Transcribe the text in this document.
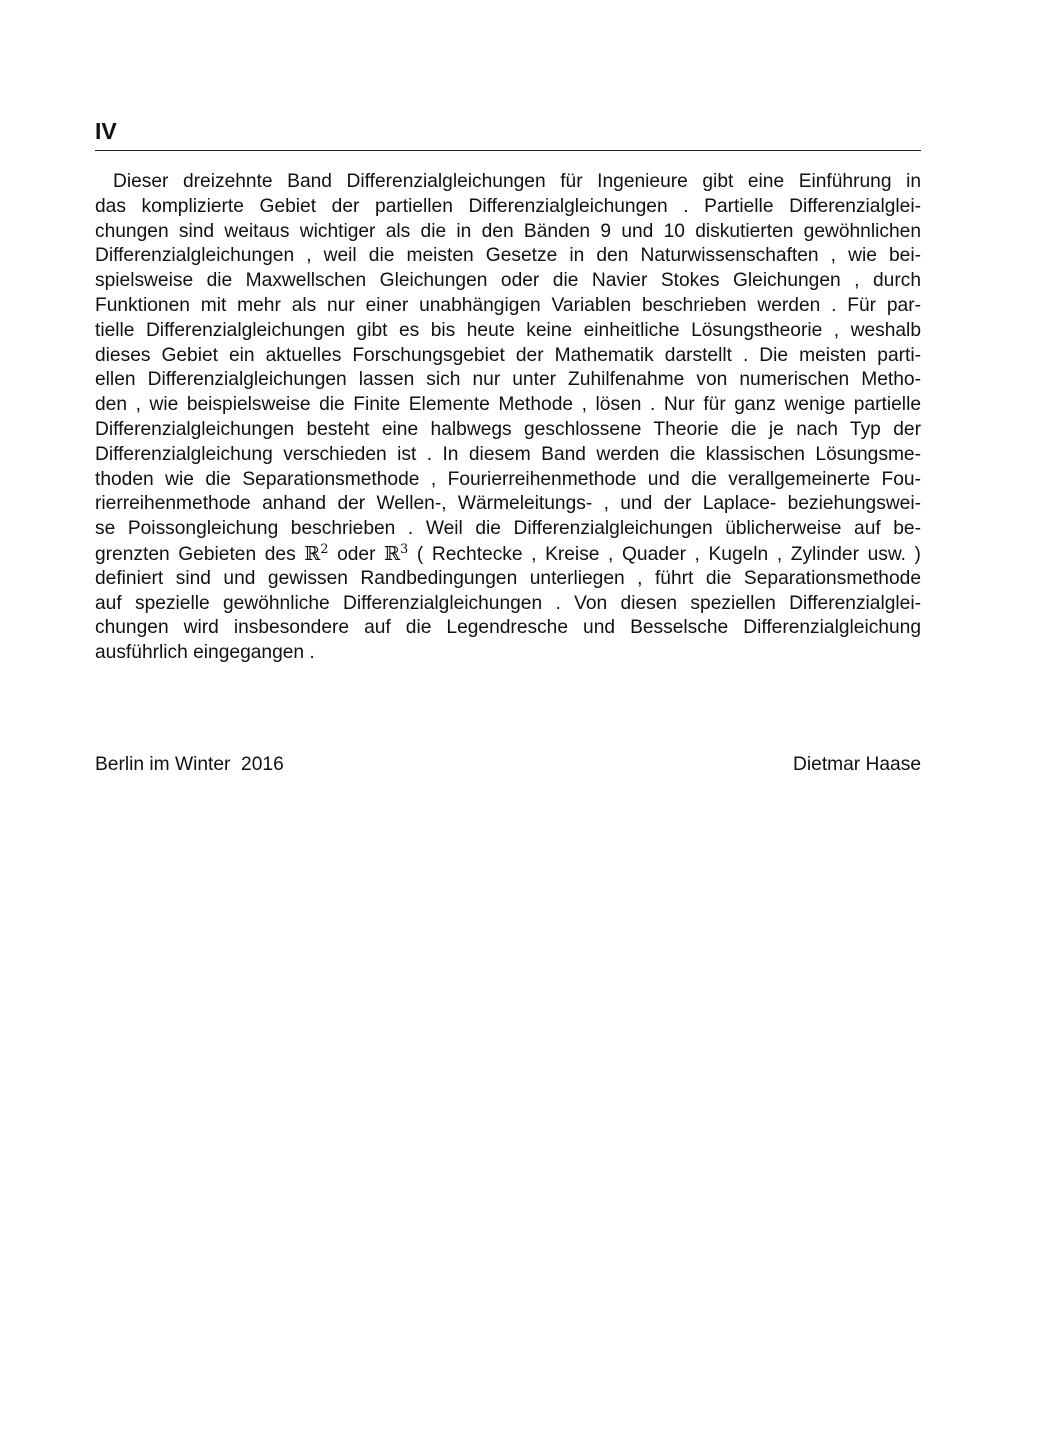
IV
Dieser dreizehnte Band Differenzialgleichungen für Ingenieure gibt eine Einführung in
das komplizierte Gebiet der partiellen Differenzialgleichungen . Partielle Differenzialglei-
chungen sind weitaus wichtiger als die in den Bänden 9 und 10 diskutierten gewöhnlichen
Differenzialgleichungen , weil die meisten Gesetze in den Naturwissenschaften , wie bei-
spielsweise die Maxwellschen Gleichungen oder die Navier Stokes Gleichungen , durch
Funktionen mit mehr als nur einer unabhängigen Variablen beschrieben werden . Für par-
tielle Differenzialgleichungen gibt es bis heute keine einheitliche Lösungstheorie , weshalb
dieses Gebiet ein aktuelles Forschungsgebiet der Mathematik darstellt . Die meisten parti-
ellen Differenzialgleichungen lassen sich nur unter Zuhilfenahme von numerischen Metho-
den , wie beispielsweise die Finite Elemente Methode , lösen . Nur für ganz wenige partielle
Differenzialgleichungen besteht eine halbwegs geschlossene Theorie die je nach Typ der
Differenzialgleichung verschieden ist . In diesem Band werden die klassischen Lösungsme-
thoden wie die Separationsmethode , Fourierreihenmethode und die verallgemeinerte Fou-
rierreihenmethode anhand der Wellen-, Wärmeleitungs- , und der Laplace- beziehungswei-
se Poissongleichung beschrieben . Weil die Differenzialgleichungen üblicherweise auf be-
grenzten Gebieten des ℝ$^2$ oder ℝ$^3$ ( Rechtecke , Kreise , Quader , Kugeln , Zylinder usw. )
definiert sind und gewissen Randbedingungen unterliegen , führt die Separationsmethode
auf spezielle gewöhnliche Differenzialgleichungen . Von diesen speziellen Differenzialglei-
chungen wird insbesondere auf die Legendresche und Besselsche Differenzialgleichung
ausführlich eingegangen .
Berlin im Winter  2016	Dietmar Haase
